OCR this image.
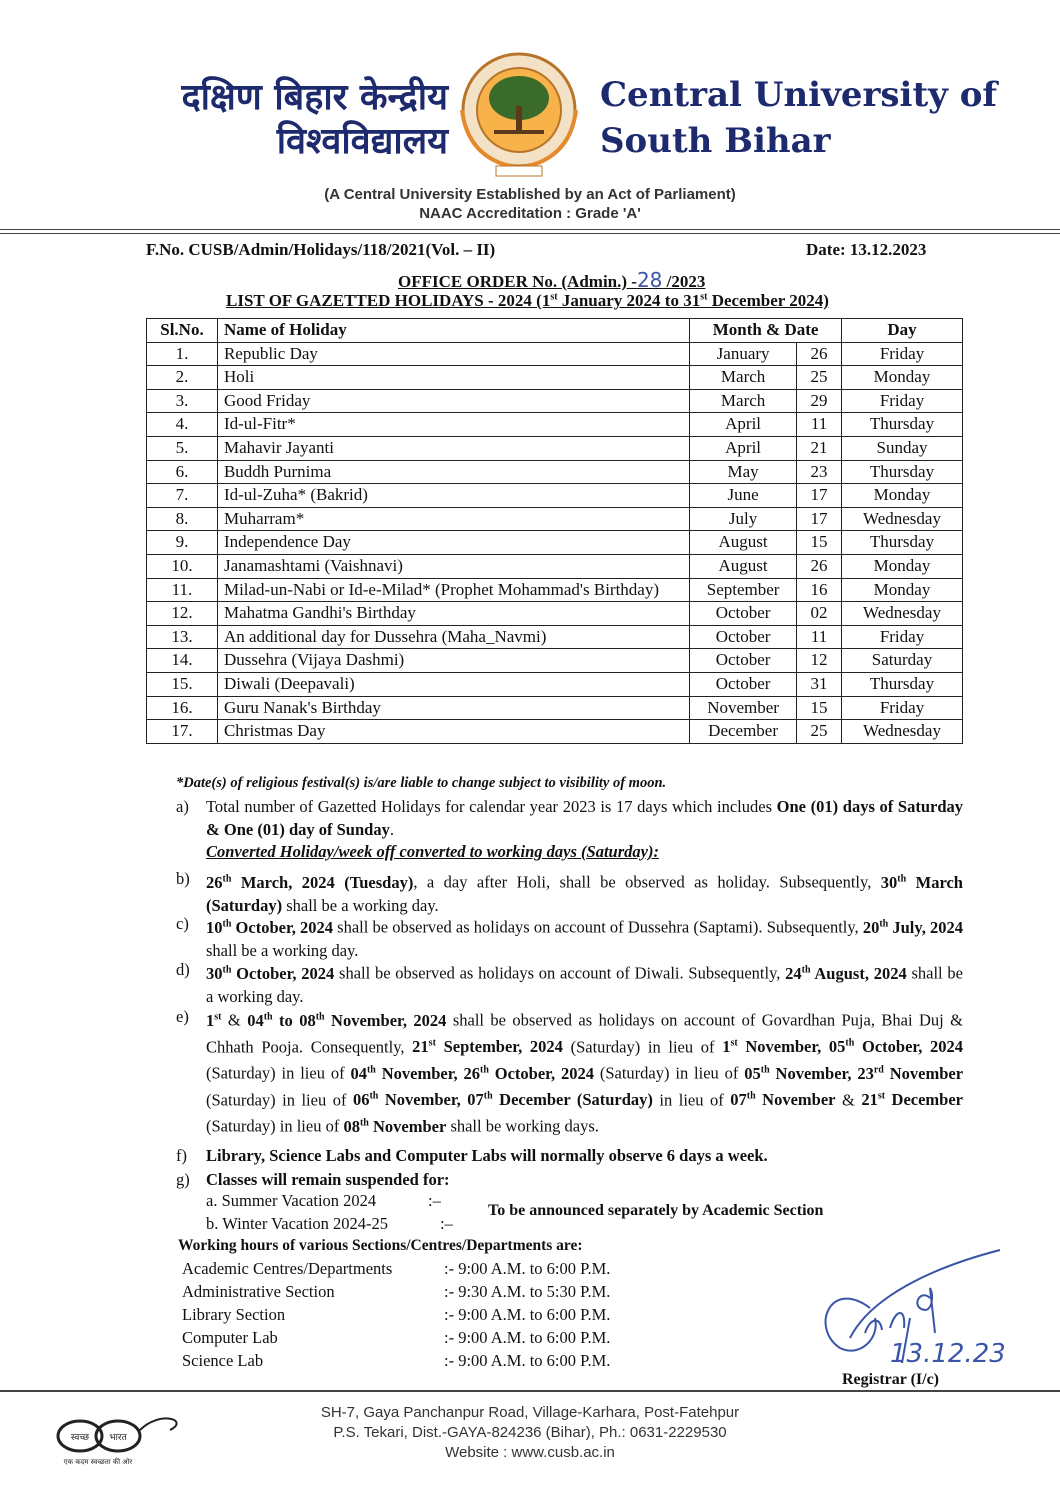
दक्षिण बिहार केन्द्रीय
विश्वविद्यालय
Central University of
South Bihar
(A Central University Established by an Act of Parliament)
NAAC Accreditation : Grade 'A'
F.No. CUSB/Admin/Holidays/118/2021(Vol. – II)	Date: 13.12.2023
OFFICE ORDER No. (Admin.) -28 /2023
LIST OF GAZETTED HOLIDAYS - 2024 (1st January 2024 to 31st December 2024)
Sl.No.	Name of Holiday	Month & Date		Day
1.	Republic Day	January	26	Friday
2.	Holi	March	25	Monday
3.	Good Friday	March	29	Friday
4.	Id-ul-Fitr*	April	11	Thursday
5.	Mahavir Jayanti	April	21	Sunday
6.	Buddh Purnima	May	23	Thursday
7.	Id-ul-Zuha* (Bakrid)	June	17	Monday
8.	Muharram*	July	17	Wednesday
9.	Independence Day	August	15	Thursday
10.	Janamashtami (Vaishnavi)	August	26	Monday
11.	Milad-un-Nabi or Id-e-Milad* (Prophet Mohammad's Birthday)	September	16	Monday
12.	Mahatma Gandhi's Birthday	October	02	Wednesday
13.	An additional day for Dussehra (Maha_Navmi)	October	11	Friday
14.	Dussehra (Vijaya Dashmi)	October	12	Saturday
15.	Diwali (Deepavali)	October	31	Thursday
16.	Guru Nanak's Birthday	November	15	Friday
17.	Christmas Day	December	25	Wednesday
*Date(s) of religious festival(s) is/are liable to change subject to visibility of moon.
a) Total number of Gazetted Holidays for calendar year 2023 is 17 days which includes One (01) days of Saturday & One (01) day of Sunday.
Converted Holiday/week off converted to working days (Saturday):
b) 26th March, 2024 (Tuesday), a day after Holi, shall be observed as holiday. Subsequently, 30th March (Saturday) shall be a working day.
c) 10th October, 2024 shall be observed as holidays on account of Dussehra (Saptami). Subsequently, 20th July, 2024 shall be a working day.
d) 30th October, 2024 shall be observed as holidays on account of Diwali. Subsequently, 24th August, 2024 shall be a working day.
e) 1st & 04th to 08th November, 2024 shall be observed as holidays on account of Govardhan Puja, Bhai Duj & Chhath Pooja. Consequently, 21st September, 2024 (Saturday) in lieu of 1st November, 05th October, 2024 (Saturday) in lieu of 04th November, 26th October, 2024 (Saturday) in lieu of 05th November, 23rd November (Saturday) in lieu of 06th November, 07th December (Saturday) in lieu of 07th November & 21st December (Saturday) in lieu of 08th November shall be working days.
f) Library, Science Labs and Computer Labs will normally observe 6 days a week.
g) Classes will remain suspended for:
a. Summer Vacation 2024
b. Winter Vacation 2024-25
:–
:–
To be announced separately by Academic Section
Working hours of various Sections/Centres/Departments are:
Academic Centres/Departments	:- 9:00 A.M. to 6:00 P.M.
Administrative Section	:- 9:30 A.M. to 5:30 P.M.
Library Section	:- 9:00 A.M. to 6:00 P.M.
Computer Lab	:- 9:00 A.M. to 6:00 P.M.
Science Lab	:- 9:00 A.M. to 6:00 P.M.	13.12.23
Registrar (I/c)
स्वच्छ भारत
एक कदम स्वच्छता की ओर
SH-7, Gaya Panchanpur Road, Village-Karhara, Post-Fatehpur
P.S. Tekari, Dist.-GAYA-824236 (Bihar), Ph.: 0631-2229530
Website : www.cusb.ac.in
